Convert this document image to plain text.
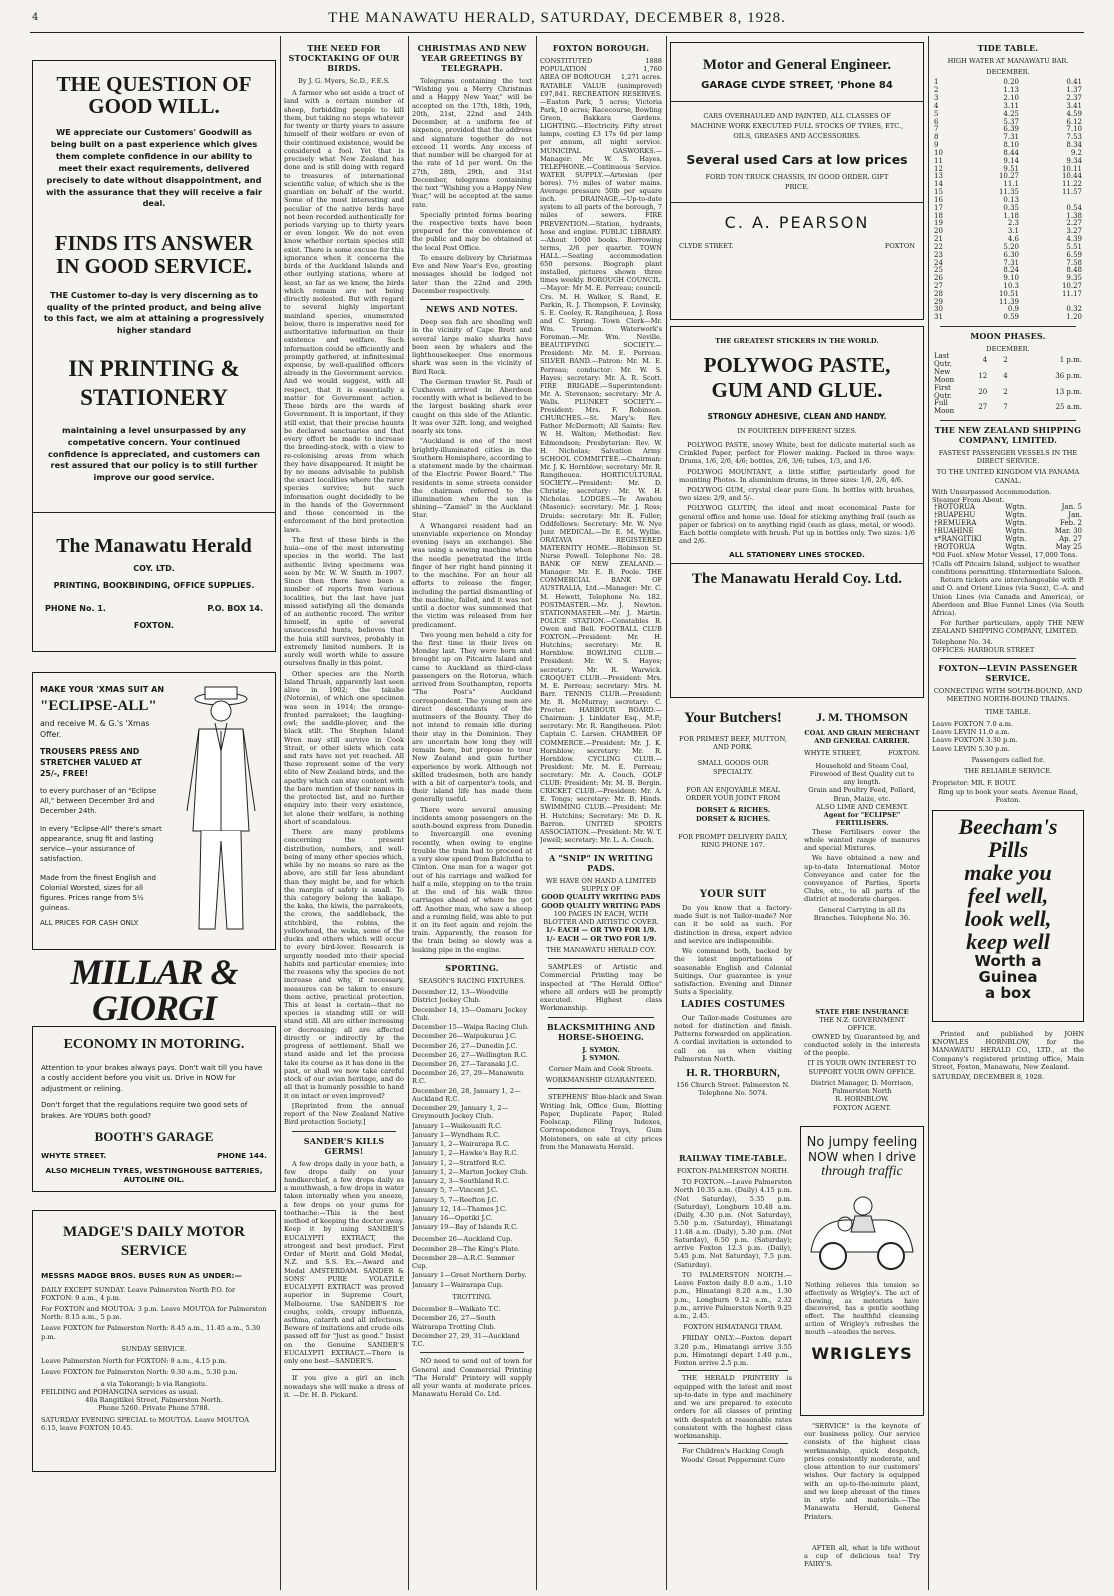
4	THE MANAWATU HERALD, SATURDAY, DECEMBER 8, 1928.
THE QUESTION OF GOOD WILL.
WE appreciate our Customers' Goodwill as being built on a past experience which gives them complete confidence in our ability to meet their exact requirements, delivered precisely to date without disappointment, and with the assurance that they will receive a fair deal.
FINDS ITS ANSWER IN GOOD SERVICE.
THE Customer to-day is very discerning as to quality of the printed product, and being alive to this fact, we aim at attaining a progressively higher standard
IN PRINTING & STATIONERY
maintaining a level unsurpassed by any competative concern. Your continued confidence is appreciated, and customers can rest assured that our policy is to still further improve our good service.
The Manawatu Herald
COY. LTD.
PRINTING, BOOKBINDING, OFFICE SUPPLIES.
PHONE No. 1.	P.O. BOX 14.
FOXTON.
MAKE YOUR 'XMAS SUIT AN
"ECLIPSE-ALL"
and receive M. & G.'s 'Xmas Offer.
TROUSERS PRESS AND STRETCHER VALUED AT 25/-, FREE!
to every purchaser of an "Eclipse All," between December 3rd and December 24th.
In every "Eclipse-All" there's smart appearance, snug fit and lasting service—your assurance of satisfaction.
Made from the finest English and Colonial Worsted, sizes for all figures. Prices range from 5½ guineas.
ALL PRICES FOR CASH ONLY.
MILLAR & GIORGI
ECONOMY IN MOTORING.
Attention to your brakes always pays. Don't wait till you have a costly accident before you visit us. Drive in NOW for adjustment or relining.
Don't forget that the regulations require two good sets of brakes. Are YOURS both good?
BOOTH'S GARAGE
WHYTE STREET.	PHONE 144.
ALSO MICHELIN TYRES, WESTINGHOUSE BATTERIES, AUTOLINE OIL.
MADGE'S DAILY MOTOR SERVICE
MESSRS MADGE BROS. BUSES RUN AS UNDER:—
DAILY EXCEPT SUNDAY. Leave Palmerston North P.O. for FOXTON: 9 a.m., 4 p.m.
For FOXTON and MOUTOA: 3 p.m. Leave MOUTOA for Palmerston North: 8.15 a.m., 5 p.m.
Leave FOXTON for Palmerston North: 8.45 a.m., 11.45 a.m., 5.30 p.m.
SUNDAY SERVICE.
Leave Palmerston North for FOXTON: 9 a.m., 4.15 p.m.
Leave FOXTON for Palmerston North: 9.30 a.m., 5.30 p.m.
a via Tokorangi; b via Rangiotu.
FEILDING and POHANGINA services as usual.
40a Rangitikei Street, Palmerston North.
Phone 5260. Private Phone 5788.
SATURDAY EVENING SPECIAL to MOUTOA. Leave MOUTOA 6.15, leave FOXTON 10.45.
THE NEED FOR STOCKTAKING OF OUR BIRDS.
By J. G. Myers, Sc.D., F.E.S.
A farmer who set aside a tract of land with a certain number of sheep, forbidding people to kill them, but taking no steps whatever for twenty or thirty years to assure himself of their welfare or even of their continued existence, would be considered a fool. Yet that is precisely what New Zealand has done and is still doing with regard to treasures of international scientific value, of which she is the guardian on behalf of the world. Some of the most interesting and peculiar of the native birds have not been recorded authentically for periods varying up to thirty years or even longer. We do not even know whether certain species still exist. There is some excuse for this ignorance when it concerns the birds of the Auckland Islands and other outlying stations, where at least, so far as we know, the birds which remain are not being directly molested. But with regard to several highly important mainland species, enumerated below, there is imperative need for authoritative information on their existence and welfare. Such information could be efficiently and promptly gathered, at infinitesimal expense, by well-qualified officers already in the Government service. And we would suggest, with all respect, that it is essentially a matter for Government action. These birds are the wards of Government. It is important, if they still exist, that their precise haunts be declared sanctuaries and that every effort be made to increase the breeding-stock, with a view to re-colonising areas from which they have disappeared. It might be by no means advisable to publish the exact localities where the rarer species survive; but such information ought decidedly to be in the hands of the Government and those concerned in the enforcement of the bird protection laws.
The first of these birds is the huia—one of the most interesting species in the world. The last authentic living specimens was seen by Mr. W. W. Smith in 1907. Since then there have been a number of reports from various localities, but the last have just missed satisfying all the demands of an authentic record. The writer himself, in spite of several unsuccessful hunts, believes that the huia still survives, probably in extremely limited numbers. It is surely well worth while to assure ourselves finally in this point.
Other species are the North Island Thrush, apparently last seen alive in 1902; the takahe (Notornis), of which one specimen was seen in 1914; the orange-fronted parrakeet; the laughing-owl; the saddle-plover, and the black stilt. The Stephen Island Wren may still survive in Cook Strait, or other islets which cats and rats have not yet reached. All these represent some of the very elite of New Zealand birds, and the apathy which can stay content with the bare mention of their names in the protected list, and no further enquiry into their very existence, let alone their welfare, is nothing short of scandalous.
There are many problems concerning the present distribution, numbers, and well-being of many other species which, while by no means so rare as the above, are still far less abundant than they might be, and for which the margin of safety is small. To this category belong the kakapo, the kaka, the kiwis, the parrakeets, the crows, the saddleback, the stitchbird, the robins, the yellowhead, the weka, some of the ducks and others which will occur to every bird-lover. Research is urgently needed into their special habits and particular enemies; into the reasons why the species do not increase and why, if necessary, measures can be taken to ensure them active, practical protection. This at least is certain—that no species is standing still or will stand still. All are either increasing or decreasing; all are affected directly or indirectly by the progress of settlement. Shall we stand aside and let the process take its course as it has done in the past, or shall we now take careful stock of our avian heritage, and do all that is humanly possible to hand it on intact or even improved?
[Reprinted from the annual report of the New Zealand Native Bird protection Society.]
SANDER'S KILLS GERMS!
A few drops daily in your bath, a few drops daily on your handkerchief, a few drops daily as a mouthwash, a few drops in water taken internally when you sneeze, a few drops on your gums for toothache:—This is the best method of keeping the doctor away. Keep it by using SANDER'S EUCALYPTI EXTRACT, the strongest and best product. First Order of Merit and Gold Medal, N.Z. and S.S. Ex.—Award and Medal AMSTERDAM. SANDER & SONS' PURE VOLATILE EUCALYPTI EXTRACT was proved superior in Supreme Court, Melbourne. Use SANDER'S for coughs, colds, croupy influenza, asthma, catarrh and all infectious. Beware of imitations and crude oils passed off for "Just as good." Insist on the Genuine SANDER'S EUCALYPTI EXTRACT.—There is only one best—SANDER'S.
If you give a girl an inch nowadays she will make a dress of it. —Dr. H. B. Pickard.
CHRISTMAS AND NEW YEAR GREETINGS BY TELEGRAPH.
Telegrams containing the text "Wishing you a Merry Christmas and a Happy New Year," will be accepted on the 17th, 18th, 19th, 20th, 21st, 22nd and 24th December, at a uniform fee of sixpence, provided that the address and signature together do not exceed 11 words. Any excess of that number will be charged for at the rate of 1d per word. On the 27th, 28th, 29th, and 31st December, telegrams containing the text "Wishing you a Happy New Year," will be accepted at the same rate.
Specially printed forms bearing the respective texts have been prepared for the convenience of the public and may be obtained at the local Post Office.
To ensure delivery by Christmas Eve and New Year's Eve, greeting messages should be lodged not later than the 22nd and 29th December respectively.
NEWS AND NOTES.
Deep sea fish are shoaling well in the vicinity of Cape Brett and several large mako sharks have been seen by whalers and the lighthousekeeper. One enormous shark was seen in the vicinity of Bird Rock.
The German trawler St. Pauli of Cuxhaven arrived in Aberdeen recently with what is believed to be the largest basking shark ever caught on this side of the Atlantic. It was over 32ft. long, and weighed nearly six tons.
"Auckland is one of the most brightly-illuminated cities in the Southern Hemisphere, according to a statement made by the chairman of the Electric Power Board." The residents in some streets consider the chairman referred to the illumination when the sun is shining—"Zamiel" in the Auckland Star.
A Whangarei resident had an unenviable experience on Monday evening (says an exchange). She was using a sewing machine when the needle penetrated the little finger of her right hand pinning it to the machine. For an hour all efforts to release the finger, including the partial dismantling of the machine, failed, and it was not until a doctor was summoned that the victim was released from her predicament.
Two young men beheld a city for the first time in their lives on Monday last. They were born and brought up on Pitcairn Island and came to Auckland as third-class passengers on the Rotorua, which arrived from Southampton, reports "The Post's" Auckland correspondent. The young men are direct descendants of the mutineers of the Bounty. They do not intend to remain idle during their stay in the Dominion. They are uncertain how long they will remain here, but propose to tour New Zealand and gain further experience by work. Although not skilled tradesmen, both are handy with a bit of carpenter's tools, and their island life has made them generally useful.
There were several amusing incidents among passengers on the south-bound express from Dunedin to Invercargill one evening recently, when owing to engine trouble the train had to proceed at a very slow speed from Balclutha to Clinton. One man for a wager got out of his carriage and walked for half a mile, stepping on to the train at the end of his walk three carriages ahead of where he got off. Another man, who saw a sheep and a running field, was able to put it on its feet again and rejoin the train. Apparently, the reason for the train being so slowly was a leaking pipe in the engine.
SPORTING.
SEASON'S RACING FIXTURES.
December 12, 13—Woodville District Jockey Club.
December 14, 15—Oamaru Jockey Club.
December 15—Waipa Racing Club.
December 26—Waipukurau J.C.
December 26, 27—Dunedin J.C.
December 26, 27—Wellington R.C.
December 26, 27—Taranaki J.C.
December 26, 27, 29—Manawatu R.C.
December 26, 28, January 1, 2—Auckland R.C.
December 29, January 1, 2—Greymouth Jockey Club.
January 1—Waikouaiti R.C.
January 1—Wyndham R.C.
January 1, 2—Wairarapa R.C.
January 1, 2—Hawke's Bay R.C.
January 1, 2—Stratford R.C.
January 1, 2—Marton Jockey Club.
January 2, 3—Southland R.C.
January 5, 7—Vincent J.C.
January 5, 7—Reefton J.C.
January 12, 14—Thames J.C.
January 16—Opotiki J.C.
January 19—Bay of Islands R.C.
December 26—Auckland Cup.
December 28—The King's Plate.
December 28—A.R.C. Summer Cup.
January 1—Great Northern Derby.
January 1—Wairarapa Cup.
TROTTING.
December 8—Waikato T.C.
December 26, 27—South Wairarapa Trotting Club.
December 27, 29, 31—Auckland T.C.
NO need to send out of town for General and Commercial Printing "The Herald" Printery will supply all your wants at moderate prices. Manawatu Herald Co. Ltd.
FOXTON BOROUGH.
CONSTITUTED	1888
POPULATION	1,760
AREA OF BOROUGH 1,271 acres.
RATABLE VALUE (unimproved) £97,841. RECREATION RESERVES.—Easton Park, 5 acres; Victoria Park, 10 acres; Racecourse, Bowling Green, Bakkara Gardens. LIGHTING.—Electricity. Fifty street lamps, costing £3 17s 6d per lamp per annum, all night service. MUNICIPAL GASWORKS.—Manager: Mr. W. S. Hayes. TELEPHONE.—Continuous Service. WATER SUPPLY.—Artesian (per bores). 7½ miles of water mains. Average pressure 50lb per square inch. DRAINAGE.—Up-to-date system to all parts of the borough, 7 miles of sewers. FIRE PREVENTION.—Station, hydrants, hose and engine. PUBLIC LIBRARY.—About 1000 books. Borrowing terms, 2/6 per quarter. TOWN HALL.—Seating accommodation 650 persons. Biograph plant installed, pictures shown three times weekly. BOROUGH COUNCIL.—Mayor: Mr M. E. Perreau; council: Crs. M. H. Walker, S. Rand, E. Parkin, R. J. Thompson, F. Lovinsky, S. E. Cooley, R. Rangiheuea, J. Ross and C. Spring. Town Clerk—Mr. Wm. Trueman. Waterwork's Foreman.—Mr. Wm. Neville. BEAUTIFYING SOCIETY.—President: Mr. M. E. Perreau. SILVER BAND.—Patron: Mr. M. E. Perreau; conductor: Mr. W. S. Hayes; secretary: Mr. A. R. Scott. FIRE BRIGADE.—Superintendent: Mr. A. Stevenson; secretary: Mr A. Walls. PLUNKET SOCIETY.—President: Mrs. F. Robinson. CHURCHES.—St. Mary's: Rev. Father McDermott; All Saints: Rev. W. H. Walton; Methodist: Rev. Edmondson; Presbyterian: Rev. W. H. Nicholas; Salvation Army. SCHOOL COMMITTEE.—Chairman: Mr. J. K. Hornblow; secretary: Mr. R. Rangiheuea. HORTICULTURAL SOCIETY.—President: Mr. D. Christie; secretary: Mr. W. H. Nicholas. LODGES.—Te Awahou (Masonic): secretary: Mr. J. Ross; Druids: secretary: Mr. R. Fuller; Oddfellows: Secretary: Mr. W. Nye Junr. MEDICAL.—Dr. E. M. Wyllie. ORATAVA REGISTERED MATERNITY HOME.—Robinson St. Nurse Powell. Telephone No. 28. BANK OF NEW ZEALAND.—Manager: Mr. E. B. Poole. THE COMMERCIAL BANK OF AUSTRALIA, Ltd.—Manager: Mr. C. M. Hewett, Telephone No. 182. POSTMASTER.—Mr. J. Newton. STATIONMASTER.—Mr. J. Martin. POLICE STATION.—Constables R. Owen and Bell. FOOTBALL CLUB FOXTON.—President: Mr. H. Hutchins; secretary: Mr. R. Hornblow. BOWLING CLUB.—President: Mr. W. S. Hayes; secretary: Mr. R. Warwick. CROQUET CLUB.—President: Mrs. M. E. Perreau; secretary: Mrs. M. Barr. TENNIS CLUB.—President: Mr. R. McMurray; secretary: C. Procter. HARBOUR BOARD.—Chairman: J. Linklater Esq., M.P.; secretary: Mr. R. Rangiheuea. Pilot: Captain C. Larsen. CHAMBER OF COMMERCE.—President: Mr. J. K. Hornblow; secretary: Mr. R. Hornblow. CYCLING CLUB.—President: Mr. M. E. Perreau; secretary: Mr. A. Couch. GOLF CLUB: President: Mr. M. B. Bergin. CRICKET CLUB.—President: Mr. A. E. Tongs; secretary: Mr. B. Hinds. SWIMMING CLUB.—President: Mr. H. Hutchins; Secretary: Mr. D. R. Barron. UNITED SPORTS ASSOCIATION.—President: Mr. W. T. Jewell; secretary: Mr. L. A. Couch.
A "SNIP" IN WRITING PADS.
WE HAVE ON HAND A LIMITED SUPPLY OF
GOOD QUALITY WRITING PADS
GOOD QUALITY WRITING PADS
100 PAGES IN EACH, WITH BLOTTER AND ARTISTIC COVER.
1/- EACH — OR TWO FOR 1/9.
1/- EACH — OR TWO FOR 1/9.
THE MANAWATU HERALD COY.
SAMPLES of Artistic and Commercial Printing may be inspected at "The Herald Office" where all orders will be promptly executed. Highest class Workmanship.
BLACKSMITHING AND HORSE-SHOEING.
J. SYMON.
J. SYMON.
Corner Main and Cook Streets.
WORKMANSHIP GUARANTEED.
STEPHENS' Blue-black and Swan Writing Ink, Office Gum, Blotting Paper, Duplicate Paper, Ruled Foolscap, Filing Indexes, Correspondence Trays, Gum Moisteners, on sale at city prices from the Manawatu Herald.
Motor and General Engineer.
GARAGE CLYDE STREET, 'Phone 84
CARS OVERHAULED AND PAINTED, ALL CLASSES OF MACHINE WORK EXECUTED FULL STOCKS OF TYRES, ETC., OILS, GREASES AND ACCESSORIES.
Several used Cars at low prices
FORD TON TRUCK CHASSIS, IN GOOD ORDER. GIFT PRICE.
C. A. PEARSON
CLYDE STREET.	FOXTON
THE GREATEST STICKERS IN THE WORLD.
POLYWOG PASTE, GUM AND GLUE.
STRONGLY ADHESIVE, CLEAN AND HANDY.
IN FOURTEEN DIFFERENT SIZES.
POLYWOG PASTE, snowy White, best for delicate material such as Crinkled Paper, perfect for Flower making. Packed in three ways: Drums, 1/6, 2/6, 4/6; bottles, 2/6, 3/6; tubes, 1/3, and 1/6.
POLYWOG MOUNTANT, a little stiffer, particularly good for mounting Photos. In aluminium drums, in three sizes: 1/6, 2/6, 4/6.
POLYWOG GUM, crystal clear pure Gum. In bottles with brushes, two sizes: 2/9, and 5/-.
POLYWOG GLUTIN, the ideal and most economical Paste for general office and home use. Ideal for sticking anything frail (such as paper or fabrics) on to anything rigid (such as glass, metal, or wood). Each bottle complete with brush. Put up in bottles only. Two sizes: 1/6 and 2/6.
ALL STATIONERY LINES STOCKED.
The Manawatu Herald Coy. Ltd.
Your Butchers!
FOR PRIMEST BEEF, MUTTON, AND PORK.
SMALL GOODS OUR SPECIALTY.
FOR AN ENJOYABLE MEAL ORDER YOUR JOINT FROM
DORSET & RICHES.
DORSET & RICHES.
FOR PROMPT DELIVERY DAILY, RING PHONE 167.
YOUR SUIT
Do you know that a factory-made Suit is not Tailor-made? Nor can it be sold as such. For distinction in dress, expert advice and service are indispensible.
We command both, backed by the latest importations of seasonable English and Colonial Suitings. Our guarantee is your satisfaction. Evening and Dinner Suits a Speciality.
LADIES COSTUMES
Our Tailor-made Costumes are noted for distinction and finish. Patterns forwarded on application. A cordial invitation is extended to call on us when visiting Palmerston North.
H. R. THORBURN,
156 Church Street. Palmerston N. Telephone No. 5074.
RAILWAY TIME-TABLE.
FOXTON-PALMERSTON NORTH.
TO FOXTON.—Leave Palmerston North 10.35 a.m. (Daily) 4.15 p.m. (Not Saturday), 5.35 p.m. (Saturday), Longburn 10.48 a.m. (Daily, 4.30 p.m. (Not Saturday), 5.50 p.m. (Saturday), Himatangi 11.48 a.m. (Daily), 5.30 p.m. (Not Saturday), 6.50 p.m. (Saturday); arrive Foxton 12.3 p.m. (Daily), 5.45 p.m. Not Saturday), 7.5 p.m. (Saturday).
TO PALMERSTON NORTH.—Leave Foxton daily 8.0 a.m., 1.10 p.m., Himatangi 8.20 a.m., 1.30 p.m., Longburn 9.12 a.m., 2.32 p.m., arrive Palmerston North 9.25 a.m., 2.45.
FOXTON HIMATANGI TRAM.
FRIDAY ONLY.—Foxton depart 3.20 p.m., Himatangi arrive 3.55 p.m. Himatangi depart 1.40 p.m., Foxton arrive 2.5 p.m.
THE HERALD PRINTERY is equipped with the latest and most up-to-date in type and machinery and we are prepared to execute orders for all classes of printing with despatch at reasonable rates consistent with the highest class workmanship.
For Children's Hacking Cough Woods' Great Peppermint Cure
J. M. THOMSON
COAL AND GRAIN MERCHANT AND GENERAL CARRIER.
WHYTE STREET,	FOXTON.
Household and Steam Coal, Firewood of Best Quality cut to any length.
Grain and Poultry Feed, Pollard, Bran, Maize, etc.
ALSO LIME AND CEMENT.
Agent for "ECLIPSE" FERTILISERS.
These Fertilisers cover the whole wanted range of manures and special Mixtures.
We have obtained a new and up-to-date International Motor Conveyance and cater for the conveyance of Parties, Sports Clubs, etc., to all parts of the district at moderate charges.
General Carrying in all its Branches. Telephone No. 36.
STATE FIRE INSURANCE
THE N.Z. GOVERNMENT OFFICE.
OWNED by, Guaranteed by, and conducted solely in the interests of the people.
IT IS YOUR OWN INTEREST TO SUPPORT YOUR OWN OFFICE.
District Manager, D. Morrison, Palmerston North
R. HORNBLOW.
FOXTON AGENT.
No jumpy feeling
NOW when I drive
through traffic
Nothing relieves this tension so effectively as Wrigley's. The act of chewing, as motorists have discovered, has a gentle soothing effect. The healthful cleansing action of Wrigley's refreshes the mouth —steadies the nerves.
WRIGLEYS
"SERVICE" is the keynote of our business policy. Our service consists of the highest class workmanship, quick despatch, prices consistently moderate, and close attention to our customers' wishes. Our factory is equipped with an up-to-the-minute plant, and we keep abreast of the times in style and materials.—The Manawatu Herald, General Printers.
AFTER all, what is life without a cup of delicious tea! Try FAIRY'S.
TIDE TABLE.
HIGH WATER AT MANAWATU BAR.
DECEMBER.
1	0.20	0.41
2	1.13	1.37
3	2.10	2.37
4	3.11	3.41
5	4.25	4.59
6	5.37	6.12
7	6.39	7.10
8	7.31	7.53
9	8.10	8.34
10	8.44	9.2
11	9.14	9.34
12	9.51	10.11
13	10.27	10.44
14	11.1	11.22
15	11.35	11.57
16	0.13	
17	0.35	0.54
18	1.18	1.38
19	2.3	2.27
20	3.1	3.27
21	4.6	4.39
22	5.20	5.51
23	6.30	6.59
24	7.31	7.58
25	8.24	8.48
26	9.10	9.35
27	10.3	10.27
28	10.51	11.17
29	11.39	
30	0.9	0.32
31	0.59	1.20
MOON PHASES.
DECEMBER.
Last Qutr.	4	2	1 p.m.
New Moon	12	4	36 p.m.
First Qutr.	20	2	13 p.m.
Full Moon	27	7	25 a.m.
THE NEW ZEALAND SHIPPING COMPANY, LIMITED.
FASTEST PASSENGER VESSELS IN THE DIRECT SERVICE.
TO THE UNITED KINGDOM VIA PANAMA CANAL.
With Unsurpassed Accommodation.
Steamer From About.
†ROTORUA	Wgtn.	Jan. 5
†RUAPEHU	Wgtn.	Jan.
†REMUERA	Wgtn.	Feb. 2
†RUAHINE	Wgtn.	Mar. 30
x*RANGITIKI	Wgtn.	Ap. 27
†ROTORUA	Wgtn.	May 25
*Oil Fuel. xNew Motor Vessel, 17,000 Tons.
†Calls off Pitcairn Island, subject to weather conditions permitting. ‡Intermediate Saloon.
Return tickets are interchangeable with P. and O. and Orient Lines (via Suez), C.-A. and Union Lines (via Canada and America), or Aberdeen and Blue Funnel Lines (via South Africa).
For further particulars, apply THE NEW ZEALAND SHIPPING COMPANY, LIMITED.
Telephone No. 34.
OFFICES: HARBOUR STREET
FOXTON—LEVIN PASSENGER SERVICE.
CONNECTING WITH SOUTH-BOUND, AND MEETING NORTH-BOUND TRAINS.
TIME TABLE.
Leave FOXTON 7.0 a.m.
Leave LEVIN 11.0 a.m.
Leave FOXTON 3.30 p.m.
Leave LEVIN 5.30 p.m.
Passengers called for.
THE RELIABLE SERVICE.
Proprietor: MR. F. BOUT.
Ring up to book your seats. Avenue Road, Foxton.
Beecham's
Pills
make you
feel well,
look well,
keep well
Worth a
Guinea
a box
Printed and published by JOHN KNOWLES HORNBLOW, for the MANAWATU HERALD CO., LTD., at the Company's registered printing office, Main Street, Foxton, Manawatu, New Zealand.
SATURDAY, DECEMBER 8, 1928.
